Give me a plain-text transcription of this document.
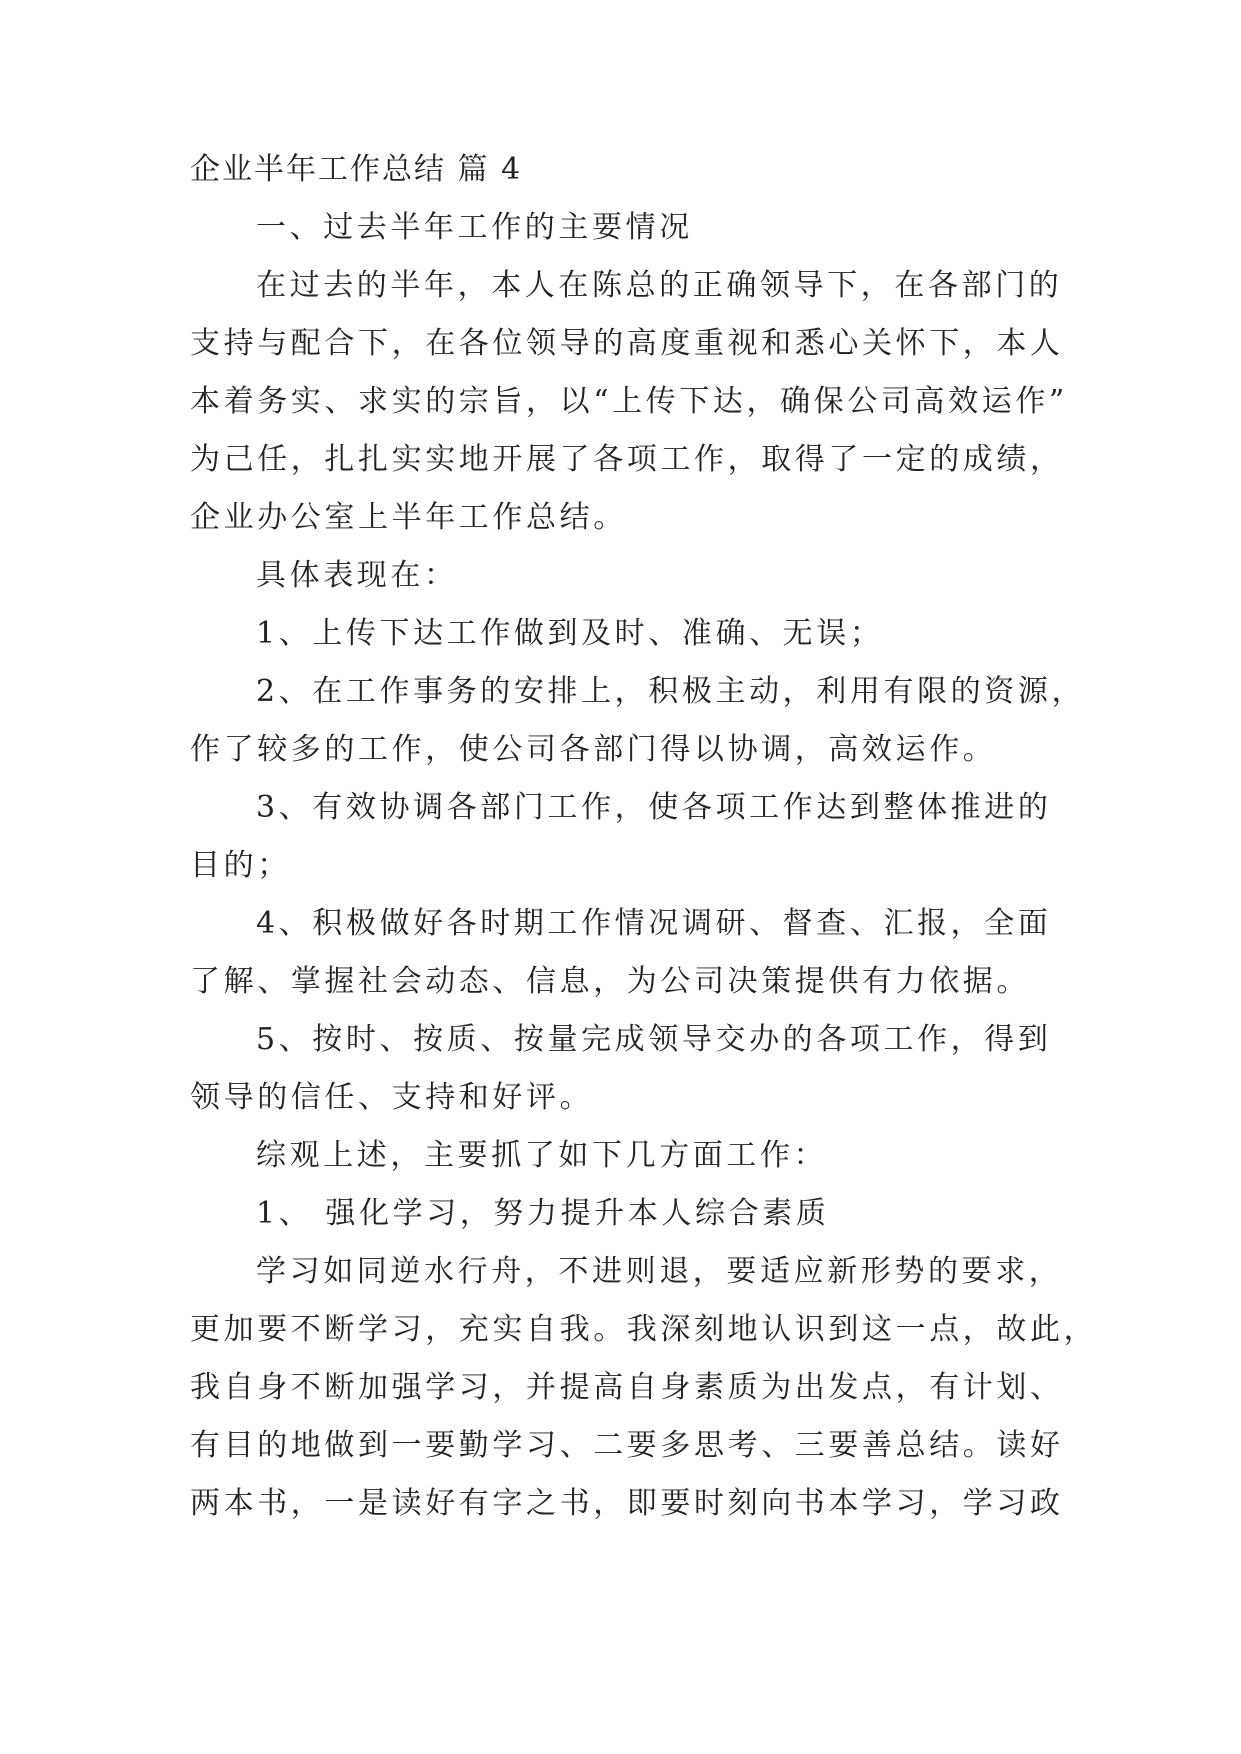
企业半年工作总结 篇 4
一、过去半年工作的主要情况
在过去的半年，本人在陈总的正确领导下，在各部门的
支持与配合下，在各位领导的高度重视和悉心关怀下，本人
本着务实、求实的宗旨，以“上传下达，确保公司高效运作”
为己任，扎扎实实地开展了各项工作，取得了一定的成绩，
企业办公室上半年工作总结。
具体表现在：
1、上传下达工作做到及时、准确、无误；
2、在工作事务的安排上，积极主动，利用有限的资源，
作了较多的工作，使公司各部门得以协调，高效运作。
3、有效协调各部门工作，使各项工作达到整体推进的
目的；
4、积极做好各时期工作情况调研、督查、汇报，全面
了解、掌握社会动态、信息，为公司决策提供有力依据。
5、按时、按质、按量完成领导交办的各项工作，得到
领导的信任、支持和好评。
综观上述，主要抓了如下几方面工作：
1、 强化学习，努力提升本人综合素质
学习如同逆水行舟，不进则退，要适应新形势的要求，
更加要不断学习，充实自我。我深刻地认识到这一点，故此，
我自身不断加强学习，并提高自身素质为出发点，有计划、
有目的地做到一要勤学习、二要多思考、三要善总结。读好
两本书，一是读好有字之书，即要时刻向书本学习，学习政
